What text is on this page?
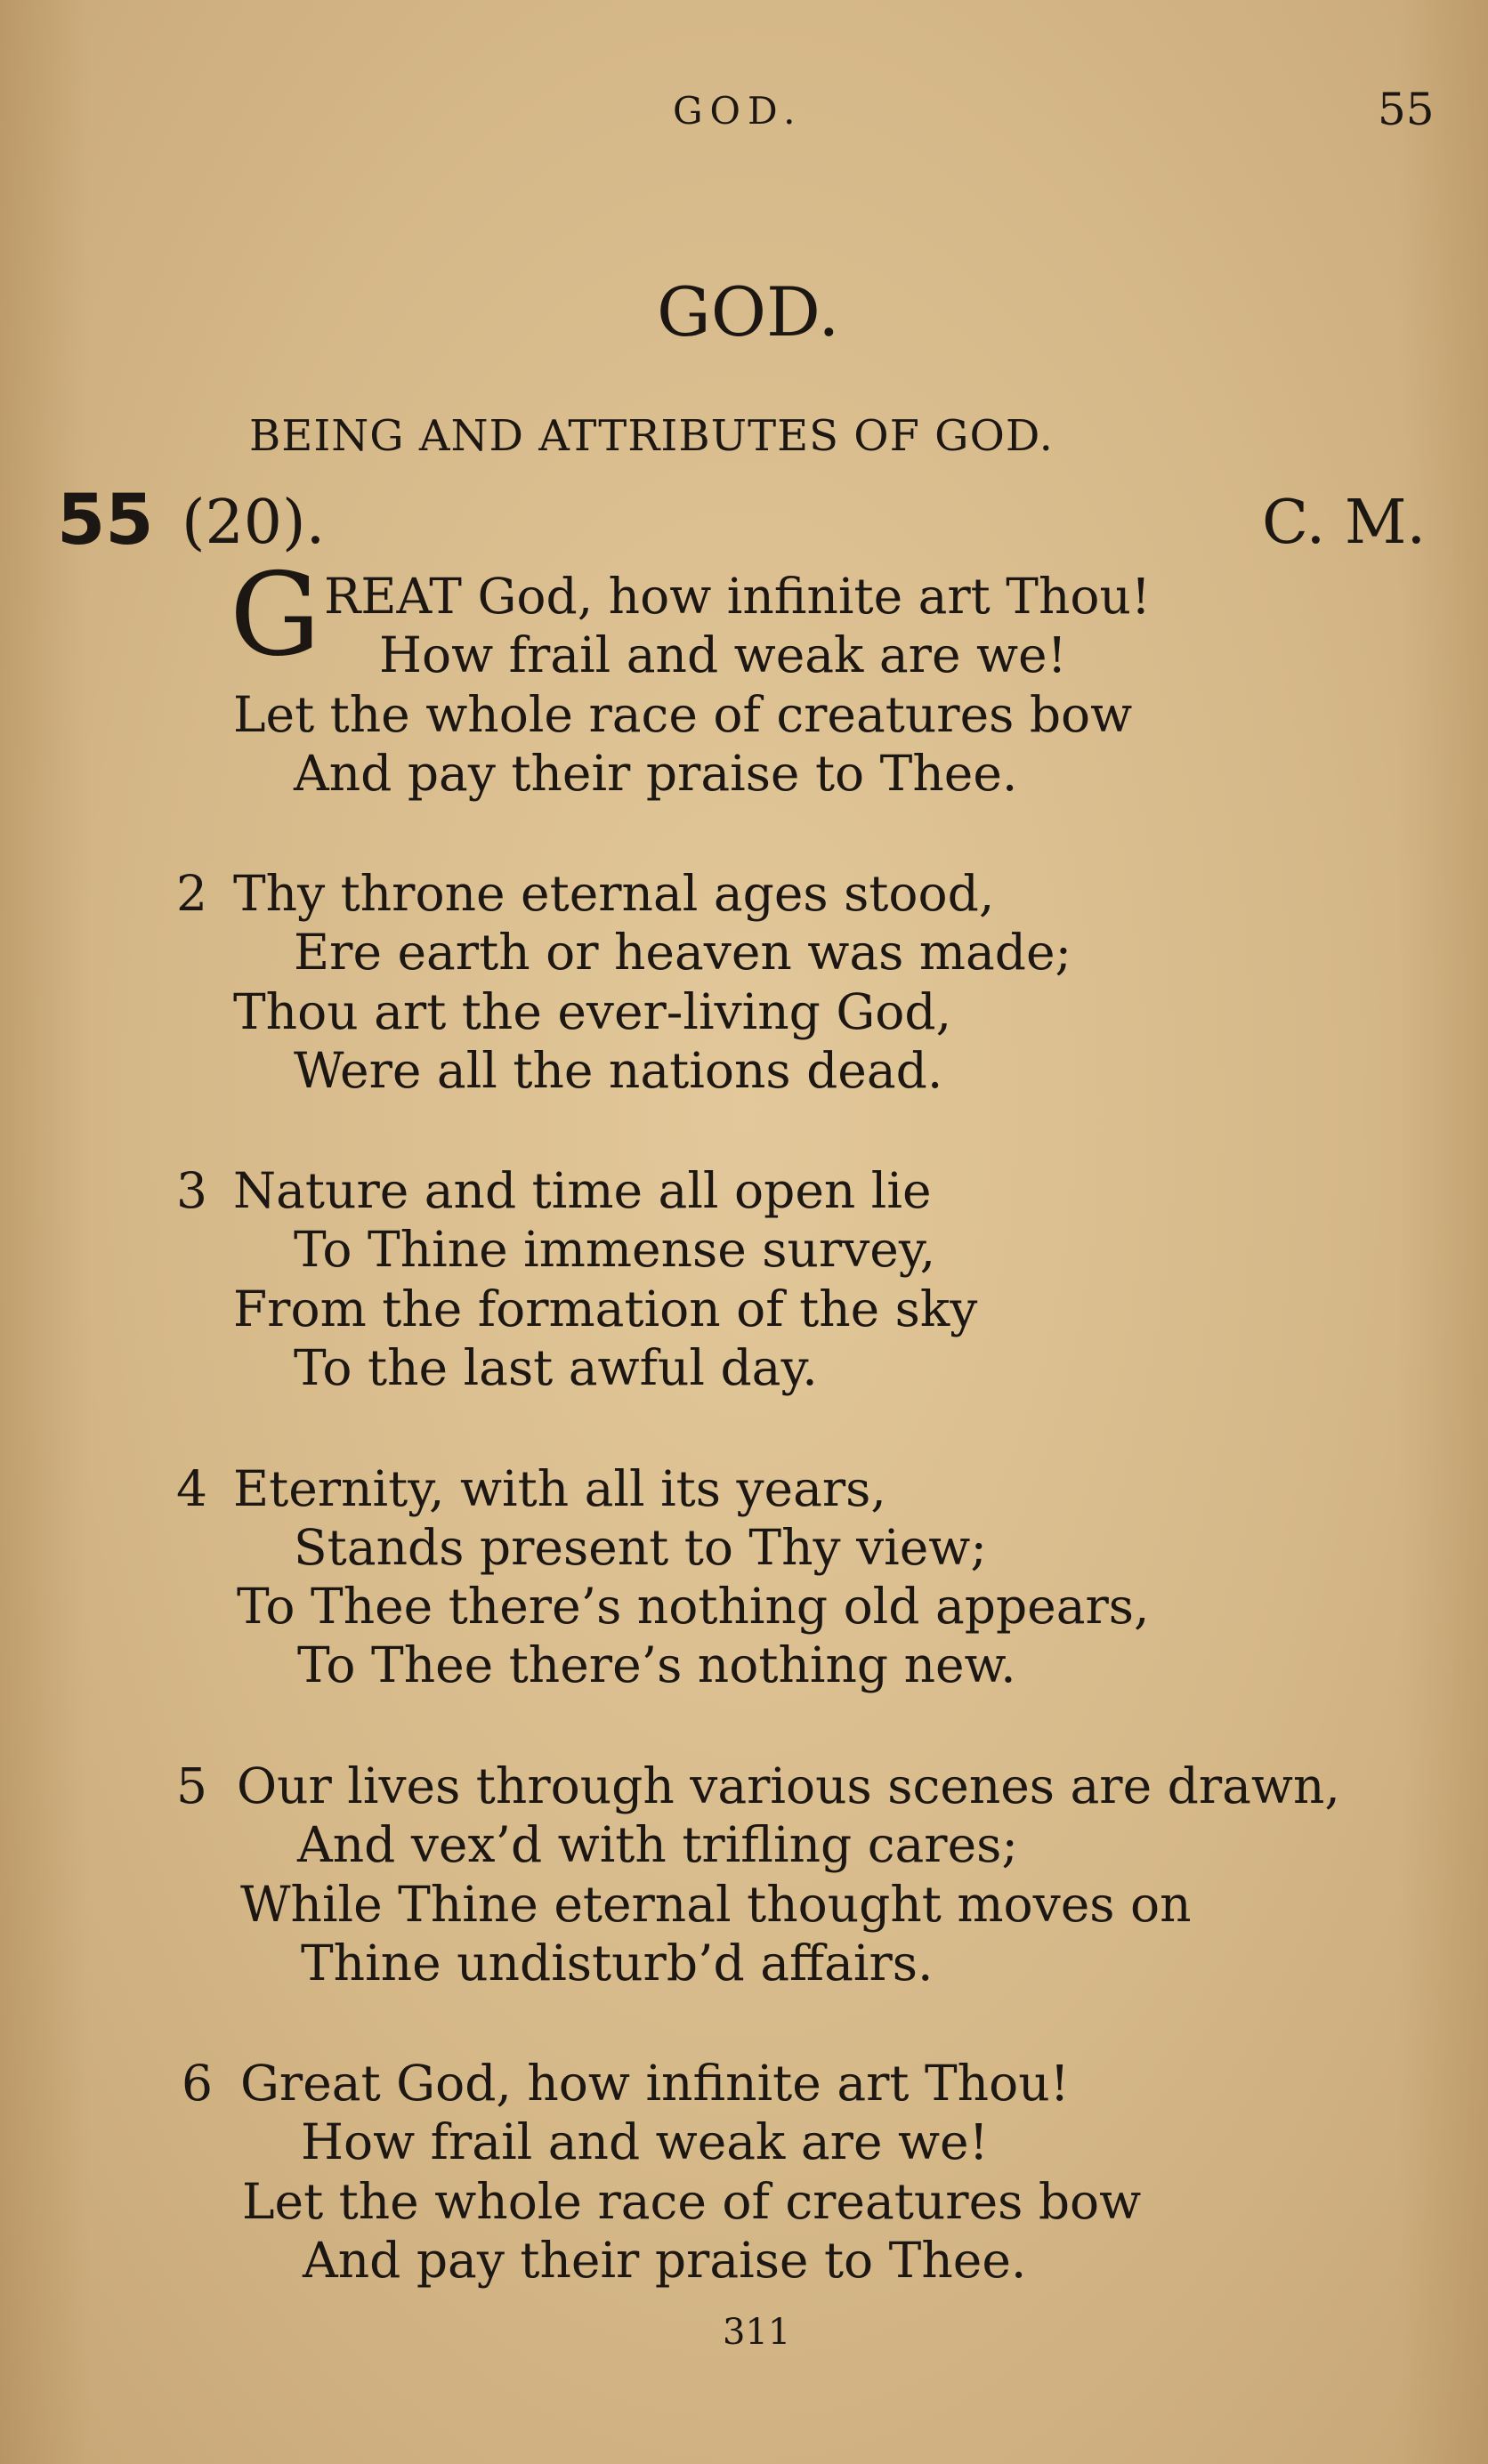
GOD.	55
GOD.
BEING AND ATTRIBUTES OF GOD.
55 (20).	C. M.
G REAT God, how infinite art Thou!
How frail and weak are we!
Let the whole race of creatures bow
And pay their praise to Thee.
2 Thy throne eternal ages stood,
Ere earth or heaven was made;
Thou art the ever-living God,
Were all the nations dead.
3 Nature and time all open lie
To Thine immense survey,
From the formation of the sky
To the last awful day.
4 Eternity, with all its years,
Stands present to Thy view;
To Thee there’s nothing old appears,
To Thee there’s nothing new.
5 Our lives through various scenes are drawn,
And vex’d with trifling cares;
While Thine eternal thought moves on
Thine undisturb’d affairs.
6 Great God, how infinite art Thou!
How frail and weak are we!
Let the whole race of creatures bow
And pay their praise to Thee.
311
